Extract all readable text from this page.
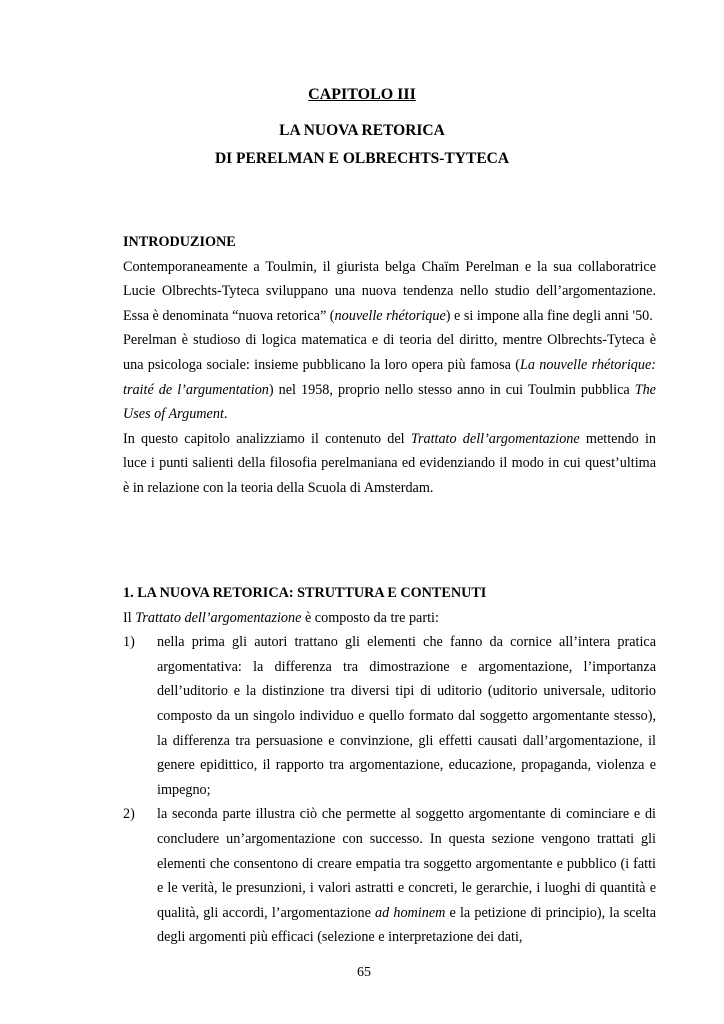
CAPITOLO III
LA NUOVA RETORICA
DI PERELMAN E OLBRECHTS-TYTECA
INTRODUZIONE

Contemporaneamente a Toulmin, il giurista belga Chaïm Perelman e la sua collaboratrice Lucie Olbrechts-Tyteca sviluppano una nuova tendenza nello studio dell’argomentazione. Essa è denominata “nuova retorica” (nouvelle rhétorique) e si impone alla fine degli anni '50.

Perelman è studioso di logica matematica e di teoria del diritto, mentre Olbrechts-Tyteca è una psicologa sociale: insieme pubblicano la loro opera più famosa (La nouvelle rhétorique: traité de l’argumentation) nel 1958, proprio nello stesso anno in cui Toulmin pubblica The Uses of Argument.

In questo capitolo analizziamo il contenuto del Trattato dell’argomentazione mettendo in luce i punti salienti della filosofia perelmaniana ed evidenziando il modo in cui quest’ultima è in relazione con la teoria della Scuola di Amsterdam.

1. LA NUOVA RETORICA: STRUTTURA E CONTENUTI

Il Trattato dell’argomentazione è composto da tre parti:

1) nella prima gli autori trattano gli elementi che fanno da cornice all’intera pratica argomentativa: la differenza tra dimostrazione e argomentazione, l’importanza dell’uditorio e la distinzione tra diversi tipi di uditorio (uditorio universale, uditorio composto da un singolo individuo e quello formato dal soggetto argomentante stesso), la differenza tra persuasione e convinzione, gli effetti causati dall’argomentazione, il genere epidittico, il rapporto tra argomentazione, educazione, propaganda, violenza e impegno;
2) la seconda parte illustra ciò che permette al soggetto argomentante di cominciare e di concludere un’argomentazione con successo. In questa sezione vengono trattati gli elementi che consentono di creare empatia tra soggetto argomentante e pubblico (i fatti e le verità, le presunzioni, i valori astratti e concreti, le gerarchie, i luoghi di quantità e qualità, gli accordi, l’argomentazione ad hominem e la petizione di principio), la scelta degli argomenti più efficaci (selezione e interpretazione dei dati,
65
